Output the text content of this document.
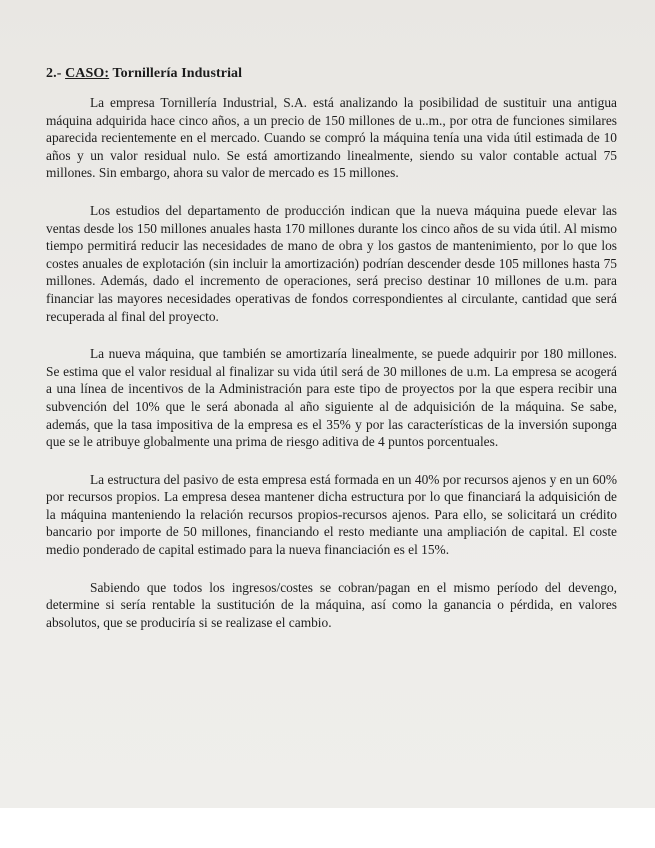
2.- CASO: Tornillería Industrial

La empresa Tornillería Industrial, S.A. está analizando la posibilidad de sustituir una antigua máquina adquirida hace cinco años, a un precio de 150 millones de u..m., por otra de funciones similares aparecida recientemente en el mercado. Cuando se compró la máquina tenía una vida útil estimada de 10 años y un valor residual nulo. Se está amortizando linealmente, siendo su valor contable actual 75 millones. Sin embargo, ahora su valor de mercado es 15 millones.

Los estudios del departamento de producción indican que la nueva máquina puede elevar las ventas desde los 150 millones anuales hasta 170 millones durante los cinco años de su vida útil. Al mismo tiempo permitirá reducir las necesidades de mano de obra y los gastos de mantenimiento, por lo que los costes anuales de explotación (sin incluir la amortización) podrían descender desde 105 millones hasta 75 millones. Además, dado el incremento de operaciones, será preciso destinar 10 millones de u.m. para financiar las mayores necesidades operativas de fondos correspondientes al circulante, cantidad que será recuperada al final del proyecto.

La nueva máquina, que también se amortizaría linealmente, se puede adquirir por 180 millones. Se estima que el valor residual al finalizar su vida útil será de 30 millones de u.m. La empresa se acogerá a una línea de incentivos de la Administración para este tipo de proyectos por la que espera recibir una subvención del 10% que le será abonada al año siguiente al de adquisición de la máquina. Se sabe, además, que la tasa impositiva de la empresa es el 35% y por las características de la inversión suponga que se le atribuye globalmente una prima de riesgo aditiva de 4 puntos porcentuales.

La estructura del pasivo de esta empresa está formada en un 40% por recursos ajenos y en un 60% por recursos propios. La empresa desea mantener dicha estructura por lo que financiará la adquisición de la máquina manteniendo la relación recursos propios-recursos ajenos. Para ello, se solicitará un crédito bancario por importe de 50 millones, financiando el resto mediante una ampliación de capital. El coste medio ponderado de capital estimado para la nueva financiación es el 15%.

Sabiendo que todos los ingresos/costes se cobran/pagan en el mismo período del devengo, determine si sería rentable la sustitución de la máquina, así como la ganancia o pérdida, en valores absolutos, que se produciría si se realizase el cambio.
